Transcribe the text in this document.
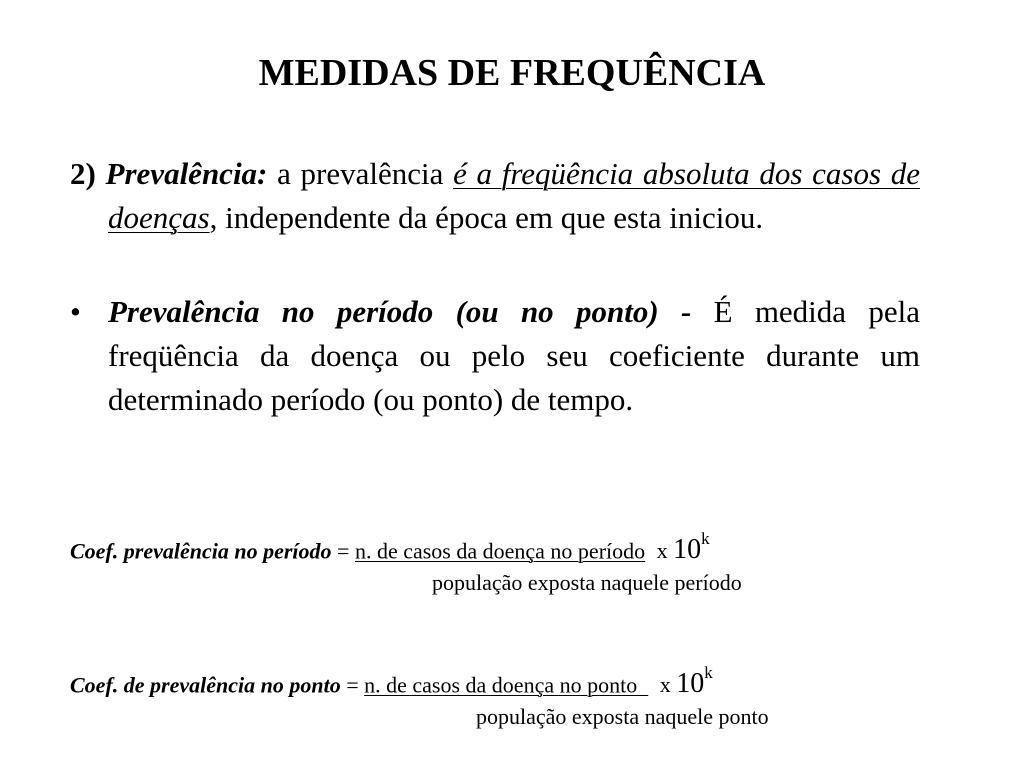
MEDIDAS DE FREQUÊNCIA

2) Prevalência: a prevalência é a freqüência absoluta dos casos de doenças, independente da época em que esta iniciou.

• Prevalência no período (ou no ponto) - É medida pela freqüência da doença ou pelo seu coeficiente durante um determinado período (ou ponto) de tempo.

Coef. prevalência no período = n. de casos da doença no período x 10$^k$
população exposta naquele período
Coef. de prevalência no ponto = n. de casos da doença no ponto   x 10$^k$
população exposta naquele ponto
